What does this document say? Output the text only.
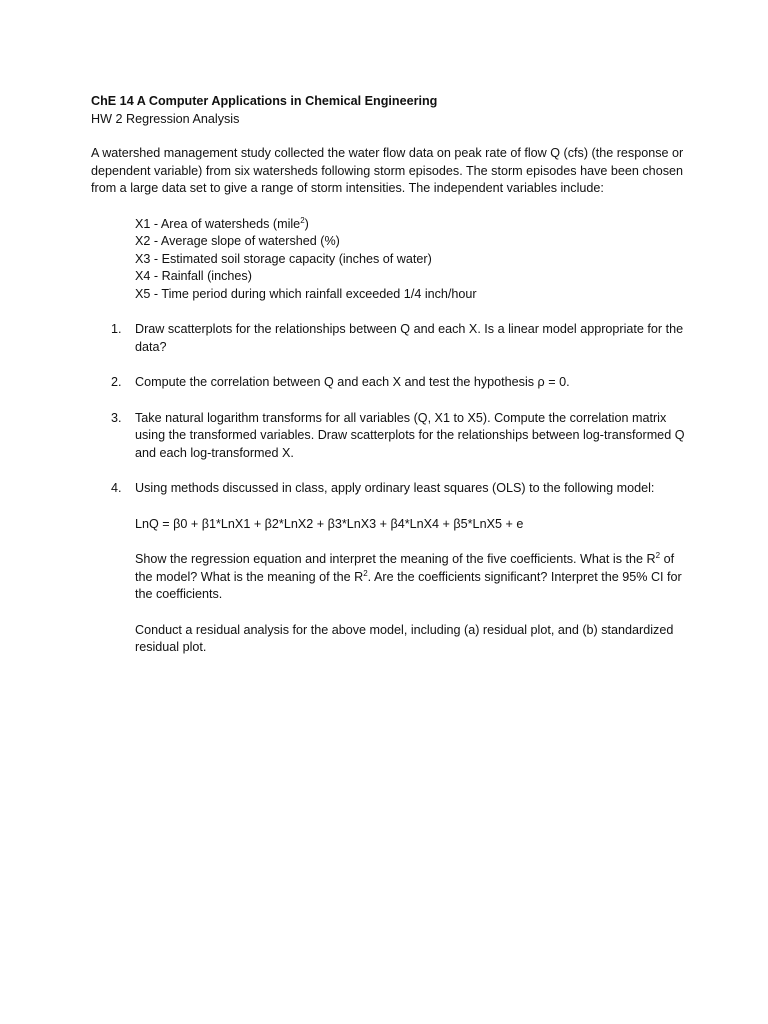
ChE 14 A Computer Applications in Chemical Engineering

HW 2 Regression Analysis

A watershed management study collected the water flow data on peak rate of flow Q (cfs) (the response or dependent variable) from six watersheds following storm episodes. The storm episodes have been chosen from a large data set to give a range of storm intensities. The independent variables include:

X1 - Area of watersheds (mile$^2$)
X2 - Average slope of watershed (%)
X3 - Estimated soil storage capacity (inches of water)
X4 - Rainfall (inches)
X5 - Time period during which rainfall exceeded 1/4 inch/hour
1. Draw scatterplots for the relationships between Q and each X. Is a linear model appropriate for the data?
2. Compute the correlation between Q and each X and test the hypothesis ρ = 0.
3. Take natural logarithm transforms for all variables (Q, X1 to X5). Compute the correlation matrix using the transformed variables. Draw scatterplots for the relationships between log-transformed Q and each log-transformed X.
4. Using methods discussed in class, apply ordinary least squares (OLS) to the following model:

LnQ = β0 + β1*LnX1 + β2*LnX2 + β3*LnX3 + β4*LnX4 + β5*LnX5 + e

Show the regression equation and interpret the meaning of the five coefficients. What is the $R^2$ of the model? What is the meaning of the $R^2$. Are the coefficients significant? Interpret the 95% CI for the coefficients.

Conduct a residual analysis for the above model, including (a) residual plot, and (b) standardized residual plot.
